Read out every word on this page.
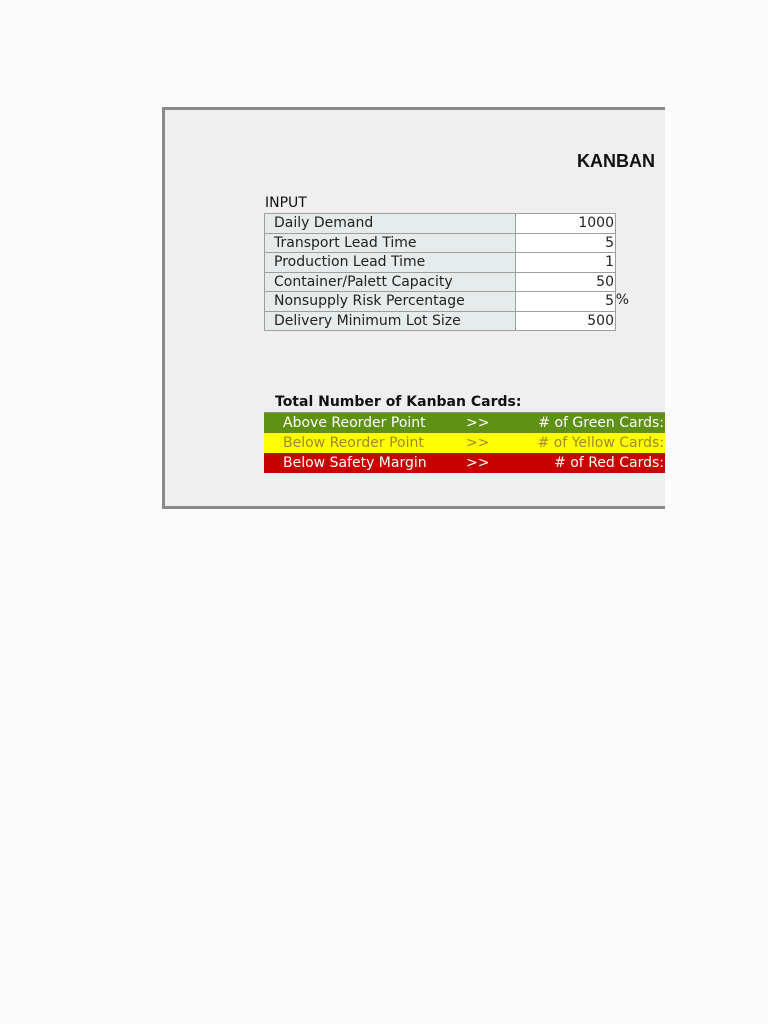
KANBAN
INPUT
Daily Demand	1000
Transport Lead Time	5
Production Lead Time	1
Container/Palett Capacity	50
Nonsupply Risk Percentage	5 %

Delivery Minimum Lot Size	500
Total Number of Kanban Cards:
Above Reorder Point	>>	# of Green Cards:
Below Reorder Point	>>	# of Yellow Cards:
Below Safety Margin	>>	# of Red Cards:
